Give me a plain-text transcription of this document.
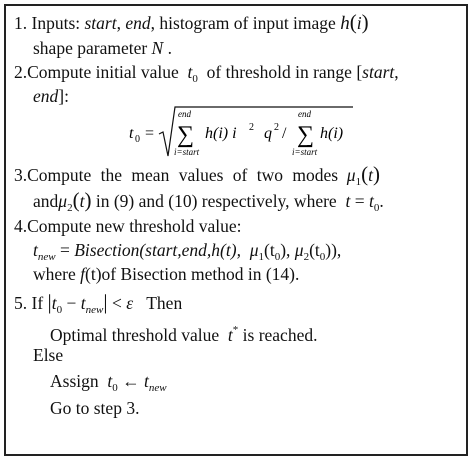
1. Inputs: start, end, histogram of input image h(i)
shape parameter N .
2.Compute initial value $t_0$ of threshold in range [start,
end]:
t 0 =
end
∑
i=start
h(i) i 2 q 2 /
end
∑
i=start
h(i)
3.Compute the mean values of two modes $\mu_1(t)$
andμ$_2$(t) in (9) and (10) respectively, where $t = t_0$.
4.Compute new threshold value:
$t_{new}$ = Bisection(start,end,h(t), $\mu_1(t_0)$, $\mu_2(t_0)$),
where f(t)of Bisection method in (14).
5. If $|t_0 - t_{new}| < \varepsilon$ Then
Optimal threshold value t* is reached.
Else
Assign $t_0$ ← $t_{new}$
Go to step 3.
